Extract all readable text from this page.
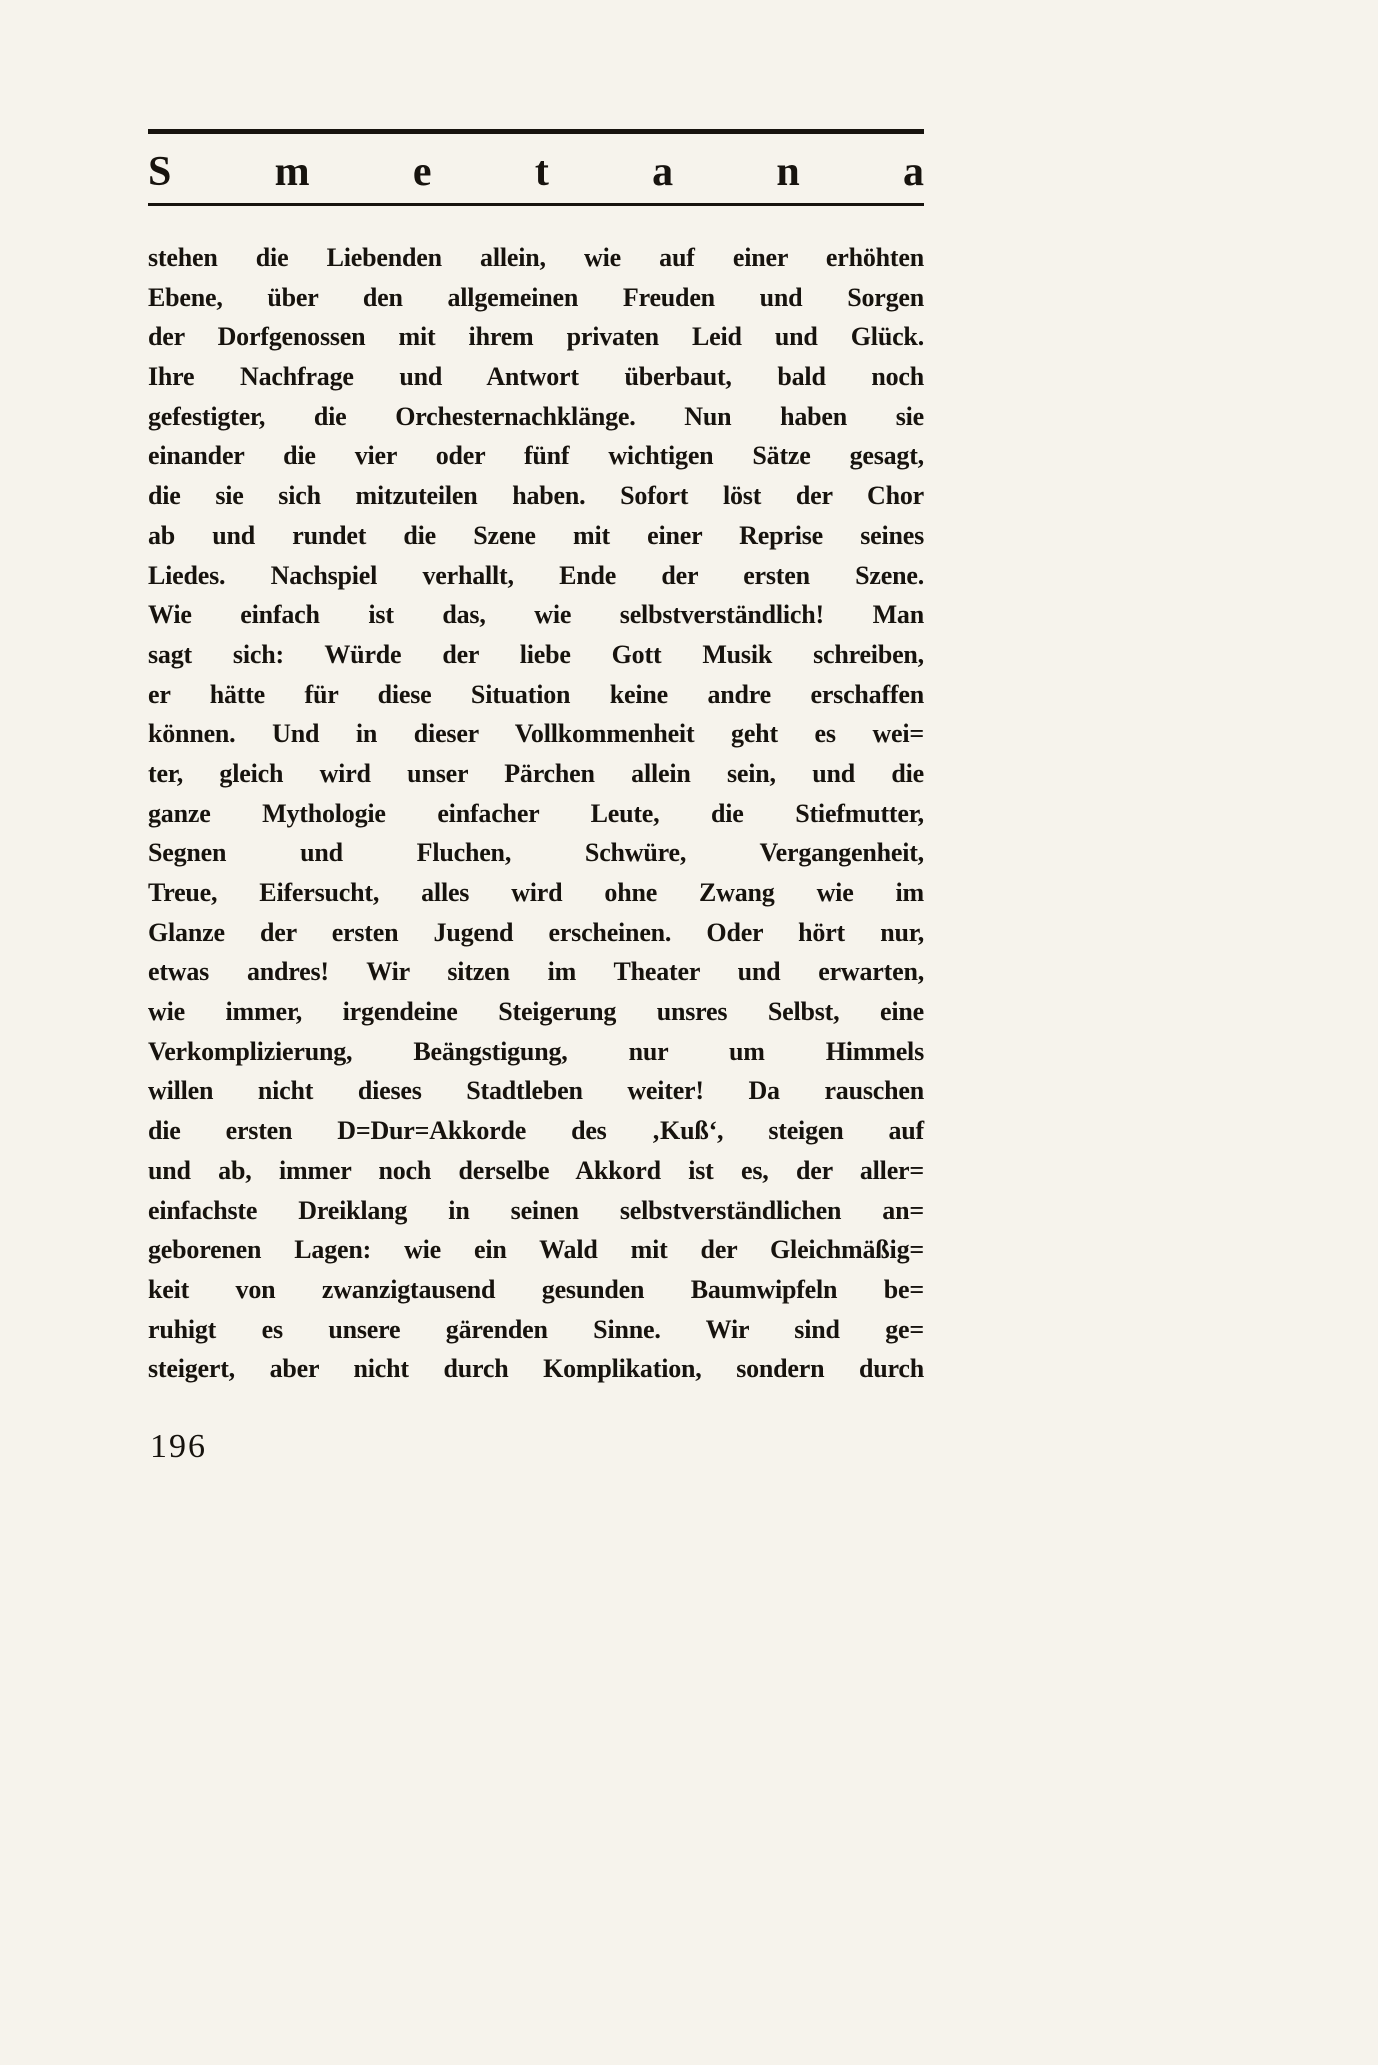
S m e t a n a
stehen die Liebenden allein, wie auf einer erhöhten
Ebene, über den allgemeinen Freuden und Sorgen
der Dorfgenossen mit ihrem privaten Leid und Glück.
Ihre Nachfrage und Antwort überbaut, bald noch
gefestigter, die Orchesternachklänge. Nun haben sie
einander die vier oder fünf wichtigen Sätze gesagt,
die sie sich mitzuteilen haben. Sofort löst der Chor
ab und rundet die Szene mit einer Reprise seines
Liedes. Nachspiel verhallt, Ende der ersten Szene.
Wie einfach ist das, wie selbstverständlich! Man
sagt sich: Würde der liebe Gott Musik schreiben,
er hätte für diese Situation keine andre erschaffen
können. Und in dieser Vollkommenheit geht es wei=
ter, gleich wird unser Pärchen allein sein, und die
ganze Mythologie einfacher Leute, die Stiefmutter,
Segnen und Fluchen, Schwüre, Vergangenheit,
Treue, Eifersucht, alles wird ohne Zwang wie im
Glanze der ersten Jugend erscheinen. Oder hört nur,
etwas andres! Wir sitzen im Theater und erwarten,
wie immer, irgendeine Steigerung unsres Selbst, eine
Verkomplizierung, Beängstigung, nur um Himmels
willen nicht dieses Stadtleben weiter! Da rauschen
die ersten D=Dur=Akkorde des ‚Kuß‘, steigen auf
und ab, immer noch derselbe Akkord ist es, der aller=
einfachste Dreiklang in seinen selbstverständlichen an=
geborenen Lagen: wie ein Wald mit der Gleichmäßig=
keit von zwanzigtausend gesunden Baumwipfeln be=
ruhigt es unsere gärenden Sinne. Wir sind ge=
steigert, aber nicht durch Komplikation, sondern durch
196
